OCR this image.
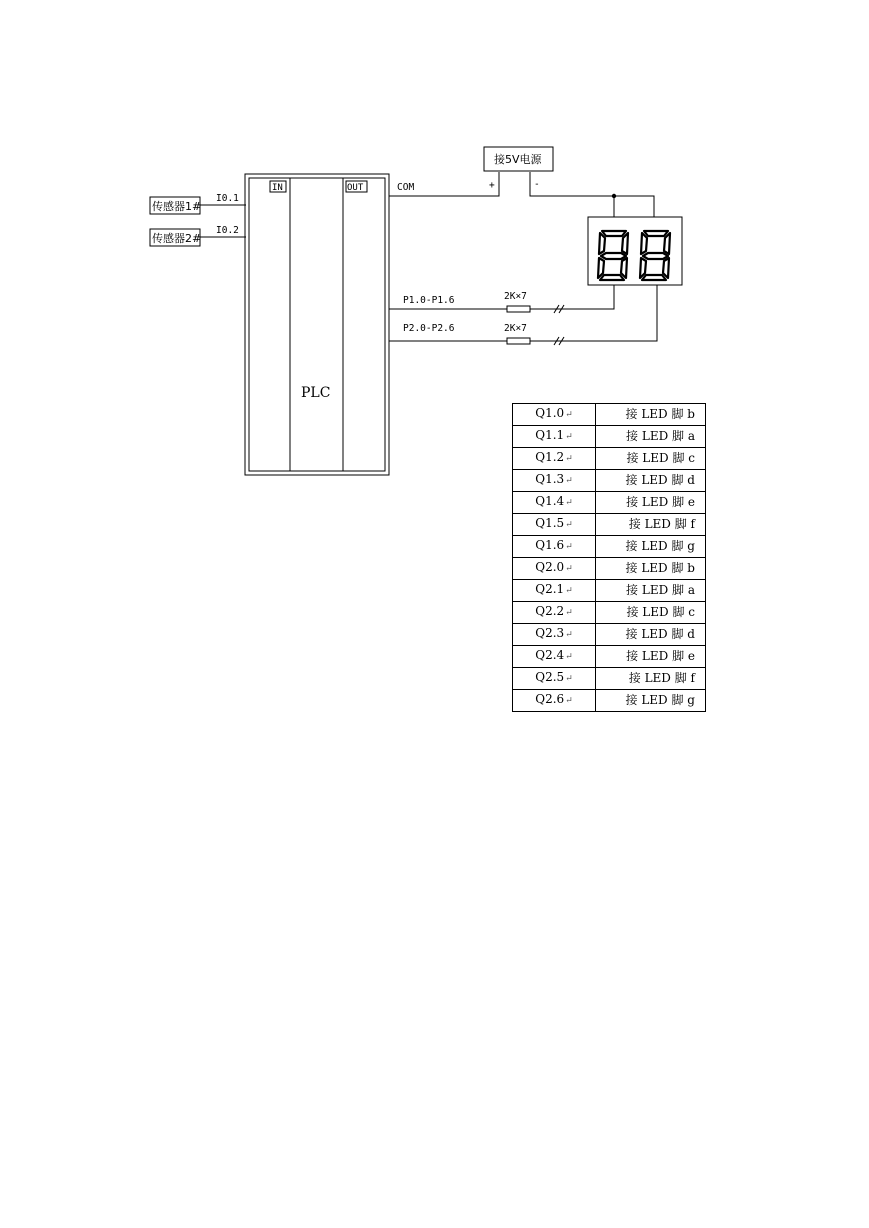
传感器1#
传感器2#
I0.1
I0.2
IN	OUT
PLC
COM
接5V电源
+	-
P1.0-P1.6
P2.0-P2.6
2K×7
2K×7
Q1.0↵	接 LED 脚 b
Q1.1↵	接 LED 脚 a
Q1.2↵	接 LED 脚 c
Q1.3↵	接 LED 脚 d
Q1.4↵	接 LED 脚 e
Q1.5↵	接 LED 脚 f
Q1.6↵	接 LED 脚 g
Q2.0↵	接 LED 脚 b
Q2.1↵	接 LED 脚 a
Q2.2↵	接 LED 脚 c
Q2.3↵	接 LED 脚 d
Q2.4↵	接 LED 脚 e
Q2.5↵	接 LED 脚 f
Q2.6↵	接 LED 脚 g
